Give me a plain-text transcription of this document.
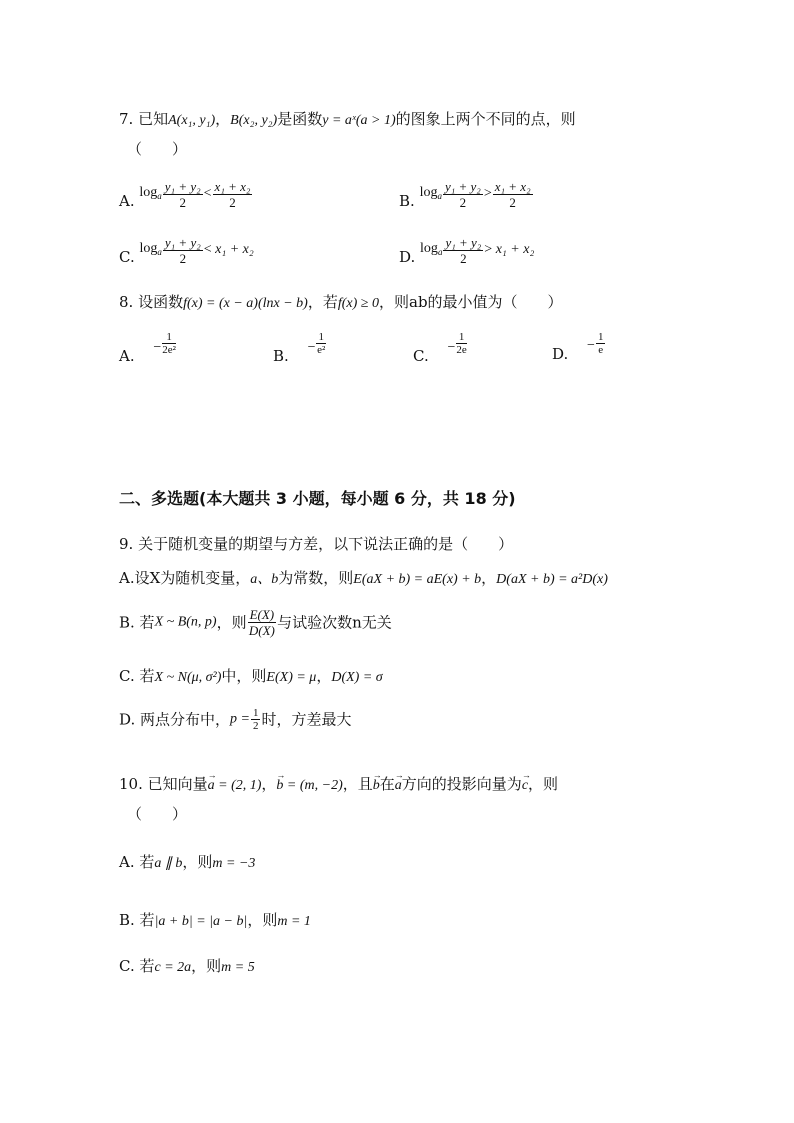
7. 已知A(x₁, y₁)，B(x₂, y₂)是函数y = aˣ(a > 1)的图象上两个不同的点，则
（　　）
A. $\log_a \frac{\text{y₁ + y₂}}{2} < \frac{\text{x₁ + x₂}}{2}$	B. $\log_a \frac{\text{y₁ + y₂}}{2} > \frac{\text{x₁ + x₂}}{2}$
C. $\log_a \frac{\text{y₁ + y₂}}{2} < x_1 + x_2$	D. $\log_a \frac{\text{y₁ + y₂}}{2} > x_1 + x_2$
8. 设函数f(x) = (x − a)(lnx − b)，若f(x) ≥ 0，则ab的最小值为（　　）
A. − $\frac{1}{\text{2e²}}$	B. − $\frac{1}{\text{e²}}$	C. − $\frac{1}{2e}$	D. − $\frac{1}{e}$
二、多选题(本大题共 3 小题，每小题 6 分，共 18 分)
9. 关于随机变量的期望与方差，以下说法正确的是（　　）
A.设X为随机变量，a、b为常数，则E(aX + b) = aE(x) + b，D(aX + b) = a²D(x)
B. 若X ~ B(n, p)，则 $\frac{E(X)}{D(X)}$ 与试验次数n无关
C. 若X ~ N(μ, σ²)中，则E(X) = μ，D(X) = σ
D. 两点分布中，$p = \frac{1}{2}$ 时，方差最大
10. 已知向量→ a = (2, 1)，→ b = (m, −2)，且→ b在→ a方向的投影向量为→ c，则
（　　）
A. 若a ∥ b，则m = −3
B. 若|a + b| = |a − b|，则m = 1
C. 若c = 2a，则m = 5
